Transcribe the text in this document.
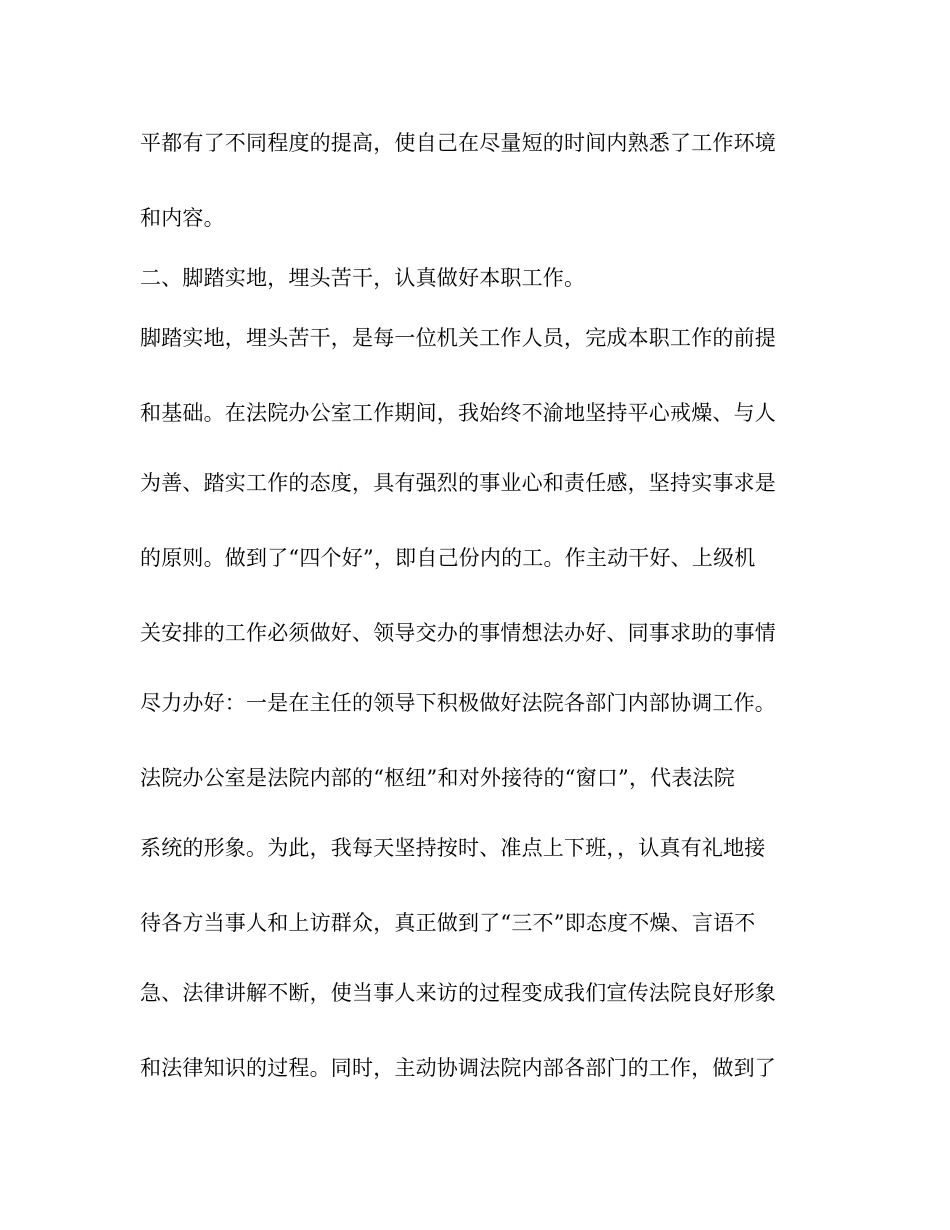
平都有了不同程度的提高，使自己在尽量短的时间内熟悉了工作环境
和内容。
二、脚踏实地，埋头苦干，认真做好本职工作。
脚踏实地，埋头苦干，是每一位机关工作人员，完成本职工作的前提
和基础。在法院办公室工作期间，我始终不渝地坚持平心戒燥、与人
为善、踏实工作的态度，具有强烈的事业心和责任感，坚持实事求是
的原则。做到了“四个好”，即自己份内的工。作主动干好、上级机
关安排的工作必须做好、领导交办的事情想法办好、同事求助的事情
尽力办好：一是在主任的领导下积极做好法院各部门内部协调工作。
法院办公室是法院内部的“枢纽”和对外接待的“窗口”，代表法院
系统的形象。为此，我每天坚持按时、准点上下班，，认真有礼地接
待各方当事人和上访群众，真正做到了“三不”即态度不燥、言语不
急、法律讲解不断，使当事人来访的过程变成我们宣传法院良好形象
和法律知识的过程。同时，主动协调法院内部各部门的工作，做到了
